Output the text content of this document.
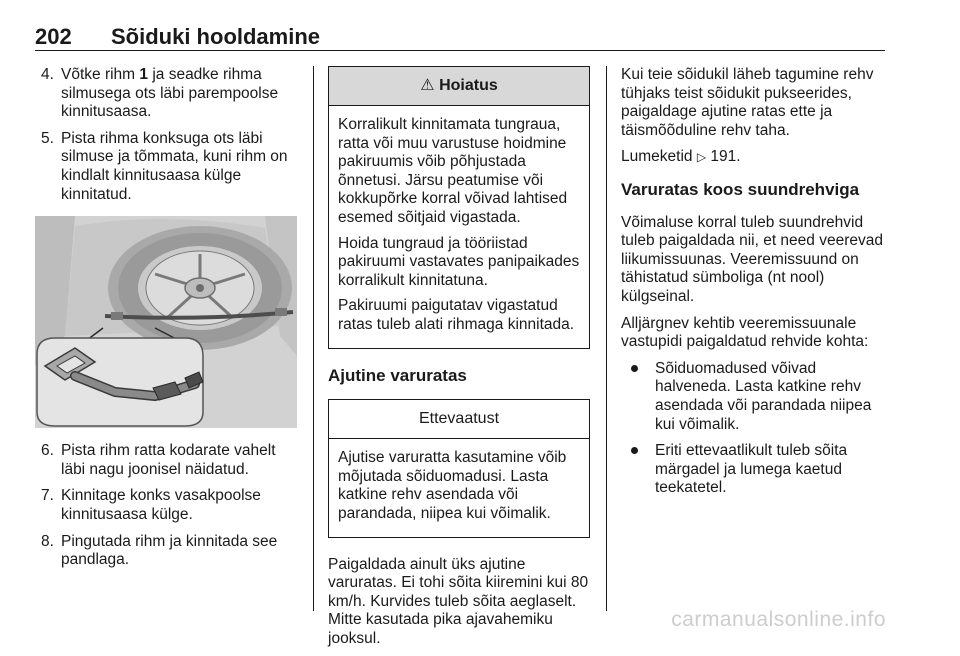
202 Sõiduki hooldamine
4. Võtke rihm 1 ja seadke rihma silmusega ots läbi parempoolse kinnitusaasa.
5. Pista rihma konksuga ots läbi silmuse ja tõmmata, kuni rihm on kindlalt kinnitusaasa külge kinnitatud.
6. Pista rihm ratta kodarate vahelt läbi nagu joonisel näidatud.
7. Kinnitage konks vasakpoolse kinnitusaasa külge.
8. Pingutada rihm ja kinnitada see pandlaga.
⚠ Hoiatus

Korralikult kinnitamata tungraua, ratta või muu varustuse hoidmine pakiruumis võib põhjustada õnnetusi. Järsu peatumise või kokkupõrke korral võivad lahtised esemed sõitjaid vigastada.

Hoida tungraud ja tööriistad pakiruumi vastavates panipaikades korralikult kinnitatuna.

Pakiruumi paigutatav vigastatud ratas tuleb alati rihmaga kinnitada.

Ajutine varuratas
Ettevaatust

Ajutise varuratta kasutamine võib mõjutada sõiduomadusi. Lasta katkine rehv asendada või parandada, niipea kui võimalik.

Paigaldada ainult üks ajutine varuratas. Ei tohi sõita kiiremini kui 80 km/h. Kurvides tuleb sõita aeglaselt. Mitte kasutada pika ajavahemiku jooksul.

Kui teie sõidukil läheb tagumine rehv tühjaks teist sõidukit pukseerides, paigaldage ajutine ratas ette ja täismõõduline rehv taha.

Lumeketid ▷ 191.

Varuratas koos suundrehviga

Võimaluse korral tuleb suundrehvid tuleb paigaldada nii, et need veerevad liikumissuunas. Veeremissuund on tähistatud sümboliga (nt nool) külgseinal.

Alljärgnev kehtib veeremissuunale vastupidi paigaldatud rehvide kohta:

Sõiduomadused võivad halveneda. Lasta katkine rehv asendada või parandada niipea kui võimalik.
Eriti ettevaatlikult tuleb sõita märgadel ja lumega kaetud teekatetel.
carmanualsonline.info
